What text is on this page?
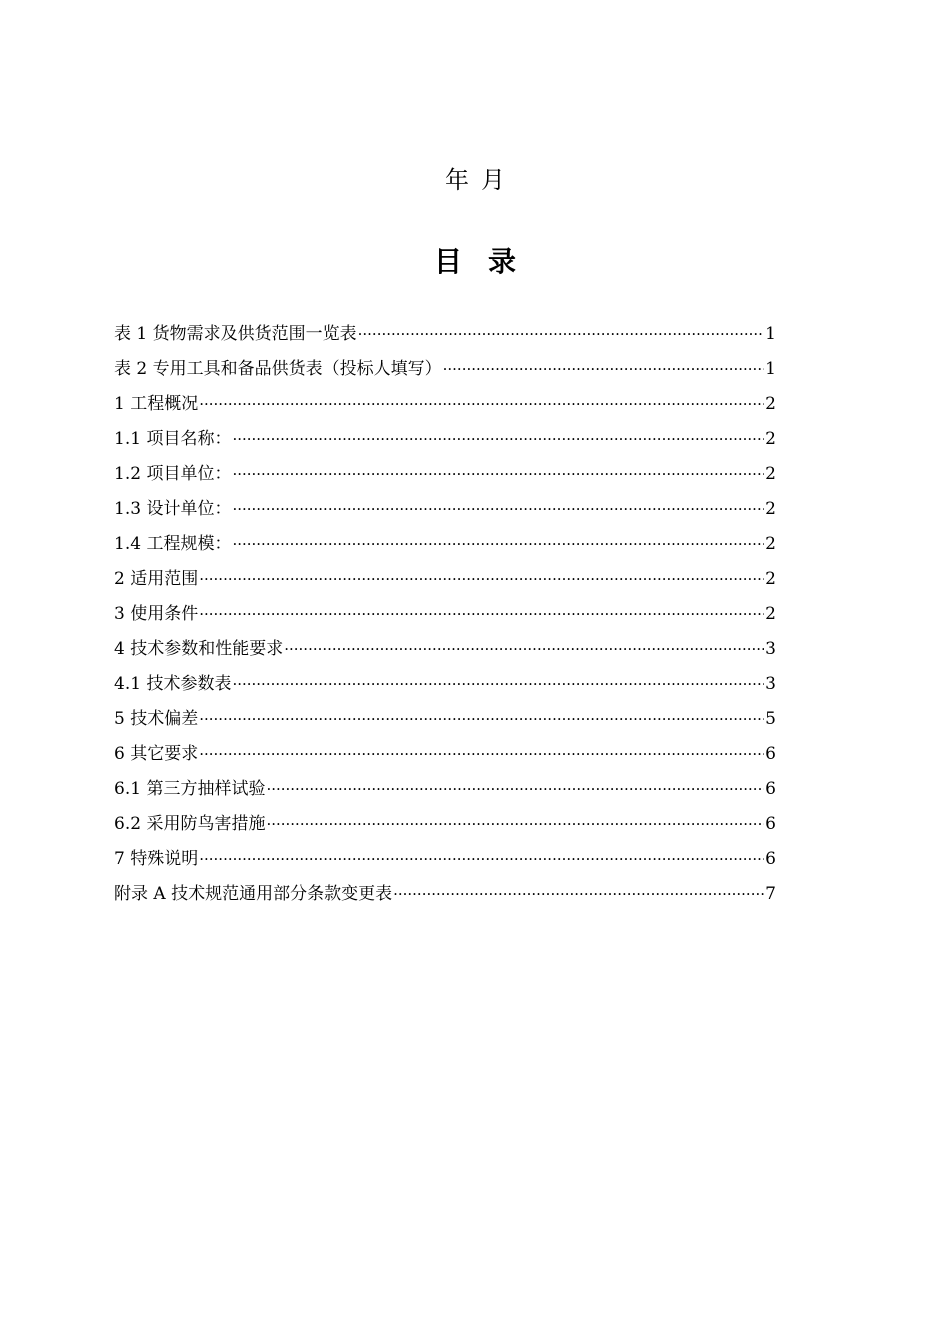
年 月
目 录
表 1 货物需求及供货范围一览表 ·····	1
表 2 专用工具和备品供货表（投标人填写） ·····	1
1 工程概况 ·····	2
1.1 项目名称： ·····	2
1.2 项目单位： ·····	2
1.3 设计单位： ·····	2
1.4 工程规模： ·····	2
2 适用范围 ·····	2
3 使用条件 ·····	2
4 技术参数和性能要求 ·····	3
4.1 技术参数表 ·····	3
5 技术偏差 ·····	5
6 其它要求 ·····	6
6.1 第三方抽样试验 ·····	6
6.2 采用防鸟害措施 ·····	6
7 特殊说明 ·····	6
附录 A 技术规范通用部分条款变更表 ·····	7
